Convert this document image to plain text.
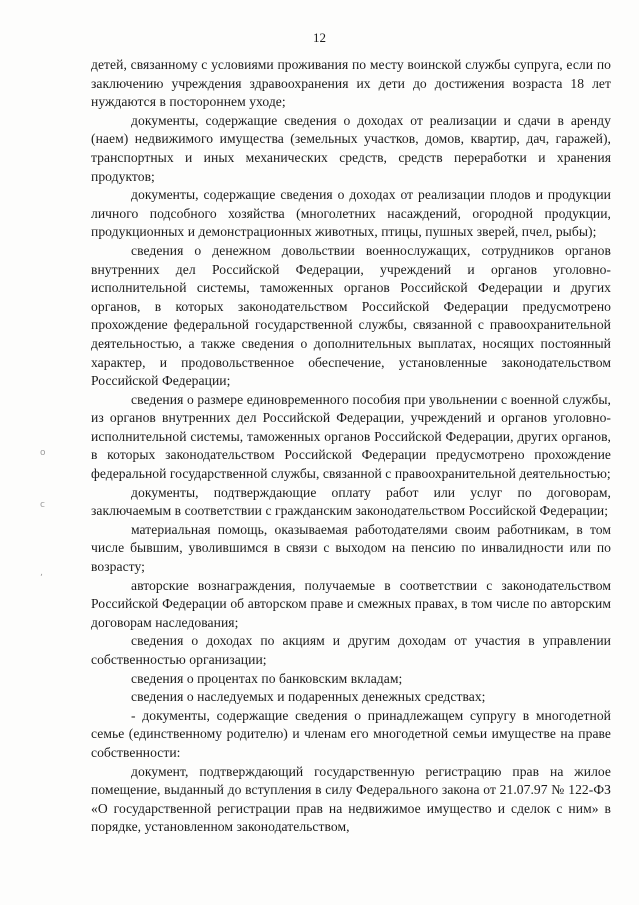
12
о
с
‚

детей, связанному с условиями проживания по месту воинской службы супруга, если по заключению учреждения здравоохранения их дети до достижения возраста 18 лет нуждаются в постороннем уходе;

документы, содержащие сведения о доходах от реализации и сдачи в аренду (наем) недвижимого имущества (земельных участков, домов, квартир, дач, гаражей), транспортных и иных механических средств, средств переработки и хранения продуктов;

документы, содержащие сведения о доходах от реализации плодов и продукции личного подсобного хозяйства (многолетних насаждений, огородной продукции, продукционных и демонстрационных животных, птицы, пушных зверей, пчел, рыбы);

сведения о денежном довольствии военнослужащих, сотрудников органов внутренних дел Российской Федерации, учреждений и органов уголовно-исполнительной системы, таможенных органов Российской Федерации и других органов, в которых законодательством Российской Федерации предусмотрено прохождение федеральной государственной службы, связанной с правоохранительной деятельностью, а также сведения о дополнительных выплатах, носящих постоянный характер, и продовольственное обеспечение, установленные законодательством Российской Федерации;

сведения о размере единовременного пособия при увольнении с военной службы, из органов внутренних дел Российской Федерации, учреждений и органов уголовно-исполнительной системы, таможенных органов Российской Федерации, других органов, в которых законодательством Российской Федерации предусмотрено прохождение федеральной государственной службы, связанной с правоохранительной деятельностью;

документы, подтверждающие оплату работ или услуг по договорам, заключаемым в соответствии с гражданским законодательством Российской Федерации;

материальная помощь, оказываемая работодателями своим работникам, в том числе бывшим, уволившимся в связи с выходом на пенсию по инвалидности или по возрасту;

авторские вознаграждения, получаемые в соответствии с законодательством Российской Федерации об авторском праве и смежных правах, в том числе по авторским договорам наследования;

сведения о доходах по акциям и другим доходам от участия в управлении собственностью организации;

сведения о процентах по банковским вкладам;

сведения о наследуемых и подаренных денежных средствах;

- документы, содержащие сведения о принадлежащем супругу в многодетной семье (единственному родителю) и членам его многодетной семьи имуществе на праве собственности:

документ, подтверждающий государственную регистрацию прав на жилое помещение, выданный до вступления в силу Федерального закона от 21.07.97 № 122-ФЗ «О государственной регистрации прав на недвижимое имущество и сделок с ним» в порядке, установленном законодательством,
